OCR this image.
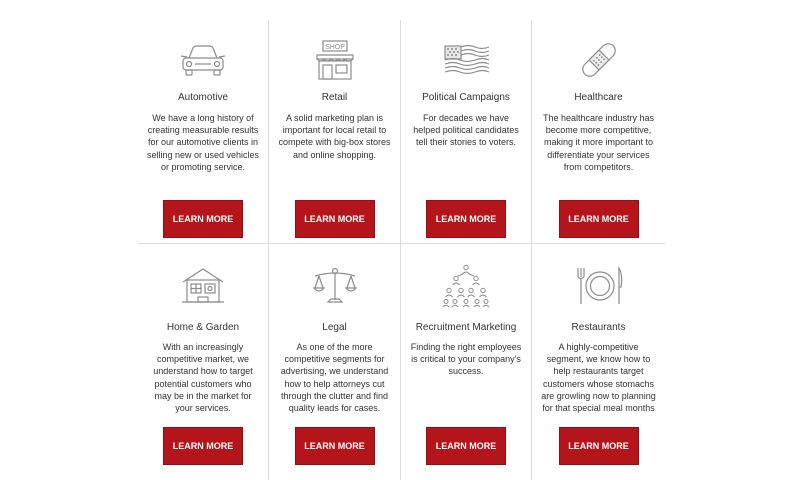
Automotive
We have a long history of creating measurable results for our automotive clients in selling new or used vehicles or promoting service.
LEARN MORE
SHOP
Retail
A solid marketing plan is important for local retail to compete with big-box stores and online shopping.
LEARN MORE
Political Campaigns
For decades we have helped political candidates tell their stories to voters.
LEARN MORE
Healthcare
The healthcare industry has become more competitive, making it more important to differentiate your services from competitors.
LEARN MORE
Home & Garden
With an increasingly competitive market, we understand how to target potential customers who may be in the market for your services.
LEARN MORE
Legal
As one of the more competitive segments for advertising, we understand how to help attorneys cut through the clutter and find quality leads for cases.
LEARN MORE
Recruitment Marketing
Finding the right employees is critical to your company's success.
LEARN MORE
Restaurants
A highly-competitive segment, we know how to help restaurants target customers whose stomachs are growling now to planning for that special meal months
LEARN MORE
